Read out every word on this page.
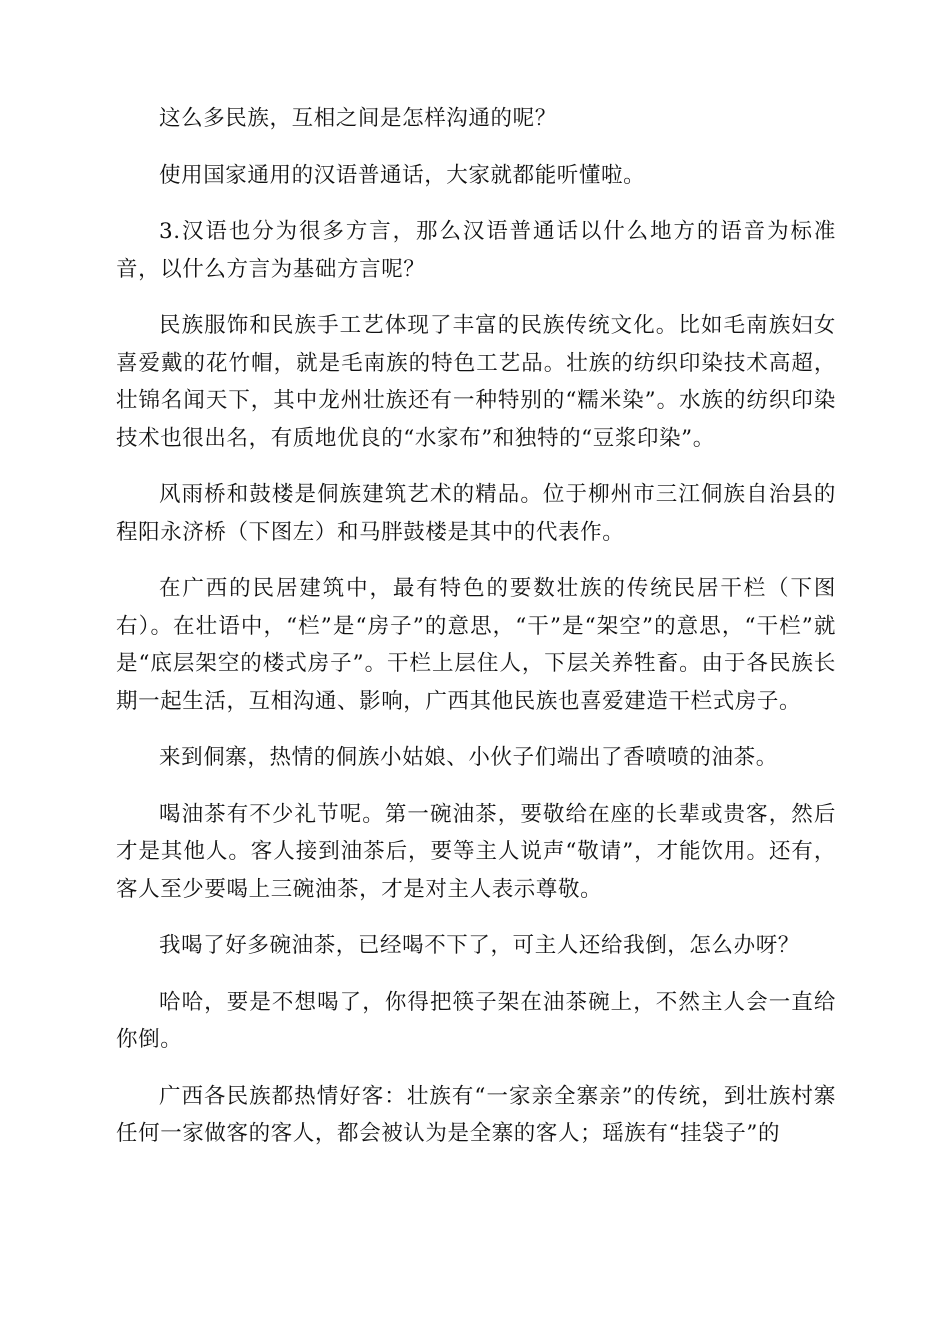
这么多民族，互相之间是怎样沟通的呢？

使用国家通用的汉语普通话，大家就都能听懂啦。

3.汉语也分为很多方言，那么汉语普通话以什么地方的语音为标准音，以什么方言为基础方言呢？

民族服饰和民族手工艺体现了丰富的民族传统文化。比如毛南族妇女喜爱戴的花竹帽，就是毛南族的特色工艺品。壮族的纺织印染技术高超，壮锦名闻天下，其中龙州壮族还有一种特别的“糯米染”。水族的纺织印染技术也很出名，有质地优良的“水家布”和独特的“豆浆印染”。

风雨桥和鼓楼是侗族建筑艺术的精品。位于柳州市三江侗族自治县的程阳永济桥（下图左）和马胖鼓楼是其中的代表作。

在广西的民居建筑中，最有特色的要数壮族的传统民居干栏（下图右）。在壮语中，“栏”是“房子”的意思，“干”是“架空”的意思，“干栏”就是“底层架空的楼式房子”。干栏上层住人，下层关养牲畜。由于各民族长期一起生活，互相沟通、影响，广西其他民族也喜爱建造干栏式房子。

来到侗寨，热情的侗族小姑娘、小伙子们端出了香喷喷的油茶。

喝油茶有不少礼节呢。第一碗油茶，要敬给在座的长辈或贵客，然后才是其他人。客人接到油茶后，要等主人说声“敬请”，才能饮用。还有，客人至少要喝上三碗油茶，才是对主人表示尊敬。

我喝了好多碗油茶，已经喝不下了，可主人还给我倒，怎么办呀？

哈哈，要是不想喝了，你得把筷子架在油茶碗上，不然主人会一直给你倒。

广西各民族都热情好客：壮族有“一家亲全寨亲”的传统，到壮族村寨任何一家做客的客人，都会被认为是全寨的客人；瑶族有“挂袋子”的
